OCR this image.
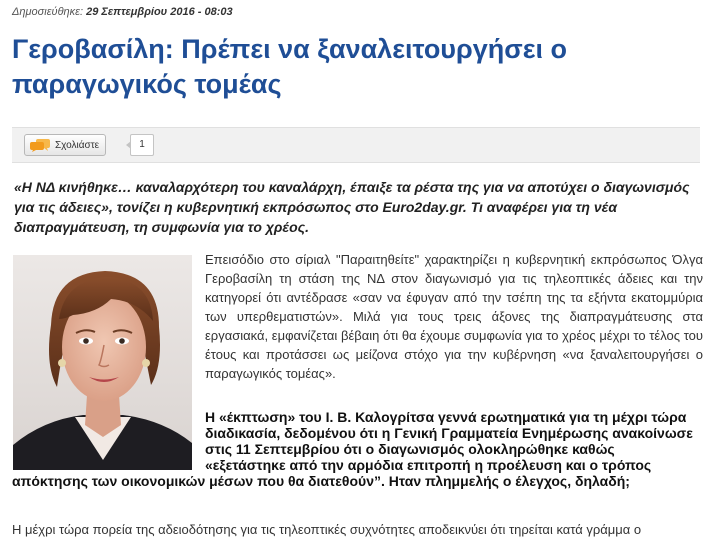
Δημοσιεύθηκε: 29 Σεπτεμβρίου 2016 - 08:03
Γεροβασίλη: Πρέπει να ξαναλειτουργήσει ο παραγωγικός τομέας
Σχολιάστε	1

«Η ΝΔ κινήθηκε… καναλαρχότερη του καναλάρχη, έπαιξε τα ρέστα της για να αποτύχει ο διαγωνισμός για τις άδειες», τονίζει η κυβερνητική εκπρόσωπος στο Euro2day.gr. Τι αναφέρει για τη νέα διαπραγμάτευση, τη συμφωνία για το χρέος.

Επεισόδιο στο σίριαλ "Παραιτηθείτε" χαρακτηρίζει η κυβερνητική εκπρόσωπος Όλγα Γεροβασίλη τη στάση της ΝΔ στον διαγωνισμό για τις τηλεοπτικές άδειες και την κατηγορεί ότι αντέδρασε «σαν να έφυγαν από την τσέπη της τα εξήντα εκατομμύρια των υπερθεματιστών». Μιλά για τους τρεις άξονες της διαπραγμάτευσης στα εργασιακά, εμφανίζεται βέβαιη ότι θα έχουμε συμφωνία για το χρέος μέχρι το τέλος του έτους και προτάσσει ως μείζονα στόχο για την κυβέρνηση «να ξαναλειτουργήσει ο παραγωγικός τομέας».

Η «έκπτωση» του Ι. Β. Καλογρίτσα γεννά ερωτηματικά για τη μέχρι τώρα διαδικασία, δεδομένου ότι η Γενική Γραμματεία Ενημέρωσης ανακοίνωσε στις 11 Σεπτεμβρίου ότι ο διαγωνισμός ολοκληρώθηκε καθώς «εξετάστηκε από την αρμόδια επιτροπή η προέλευση και ο τρόπος απόκτησης των οικονομικών μέσων που θα διατεθούν”. Ηταν πλημμελής ο έλεγχος, δηλαδή;

Η μέχρι τώρα πορεία της αδειοδότησης για τις τηλεοπτικές συχνότητες αποδεικνύει ότι τηρείται κατά γράμμα ο
